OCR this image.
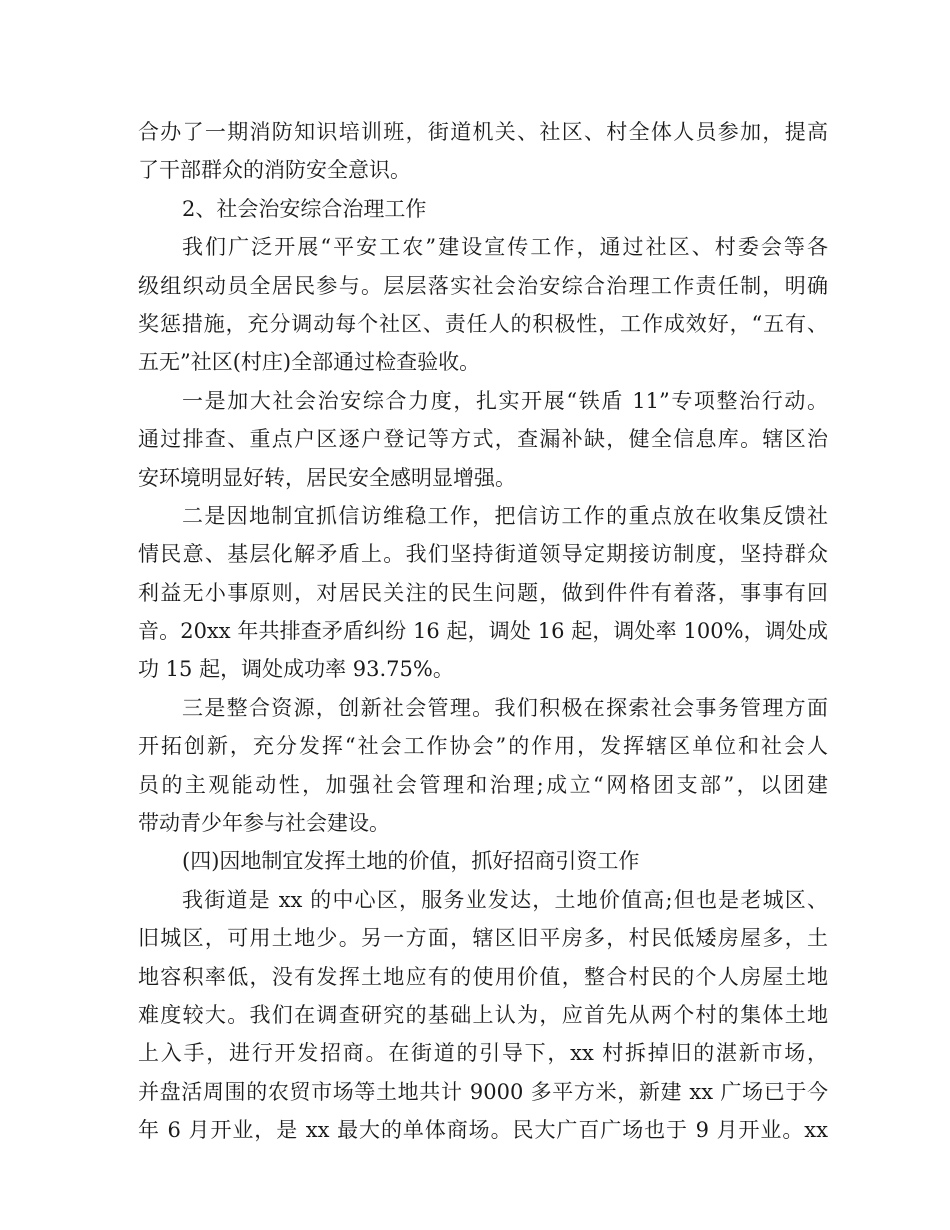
合办了一期消防知识培训班，街道机关、社区、村全体人员参加，提高
了干部群众的消防安全意识。
2、社会治安综合治理工作
我们广泛开展“平安工农”建设宣传工作，通过社区、村委会等各
级组织动员全居民参与。层层落实社会治安综合治理工作责任制，明确
奖惩措施，充分调动每个社区、责任人的积极性，工作成效好，“五有、
五无”社区(村庄)全部通过检查验收。
一是加大社会治安综合力度，扎实开展“铁盾 11”专项整治行动。
通过排查、重点户区逐户登记等方式，查漏补缺，健全信息库。辖区治
安环境明显好转，居民安全感明显增强。
二是因地制宜抓信访维稳工作，把信访工作的重点放在收集反馈社
情民意、基层化解矛盾上。我们坚持街道领导定期接访制度，坚持群众
利益无小事原则，对居民关注的民生问题，做到件件有着落，事事有回
音。20xx 年共排查矛盾纠纷 16 起，调处 16 起，调处率 100%，调处成
功 15 起，调处成功率 93.75%。
三是整合资源，创新社会管理。我们积极在探索社会事务管理方面
开拓创新，充分发挥“社会工作协会”的作用，发挥辖区单位和社会人
员的主观能动性，加强社会管理和治理;成立“网格团支部”，以团建
带动青少年参与社会建设。
(四)因地制宜发挥土地的价值，抓好招商引资工作
我街道是 xx 的中心区，服务业发达，土地价值高;但也是老城区、
旧城区，可用土地少。另一方面，辖区旧平房多，村民低矮房屋多，土
地容积率低，没有发挥土地应有的使用价值，整合村民的个人房屋土地
难度较大。我们在调查研究的基础上认为，应首先从两个村的集体土地
上入手，进行开发招商。在街道的引导下，xx 村拆掉旧的湛新市场，
并盘活周围的农贸市场等土地共计 9000 多平方米，新建 xx 广场已于今
年 6 月开业，是 xx 最大的单体商场。民大广百广场也于 9 月开业。xx
